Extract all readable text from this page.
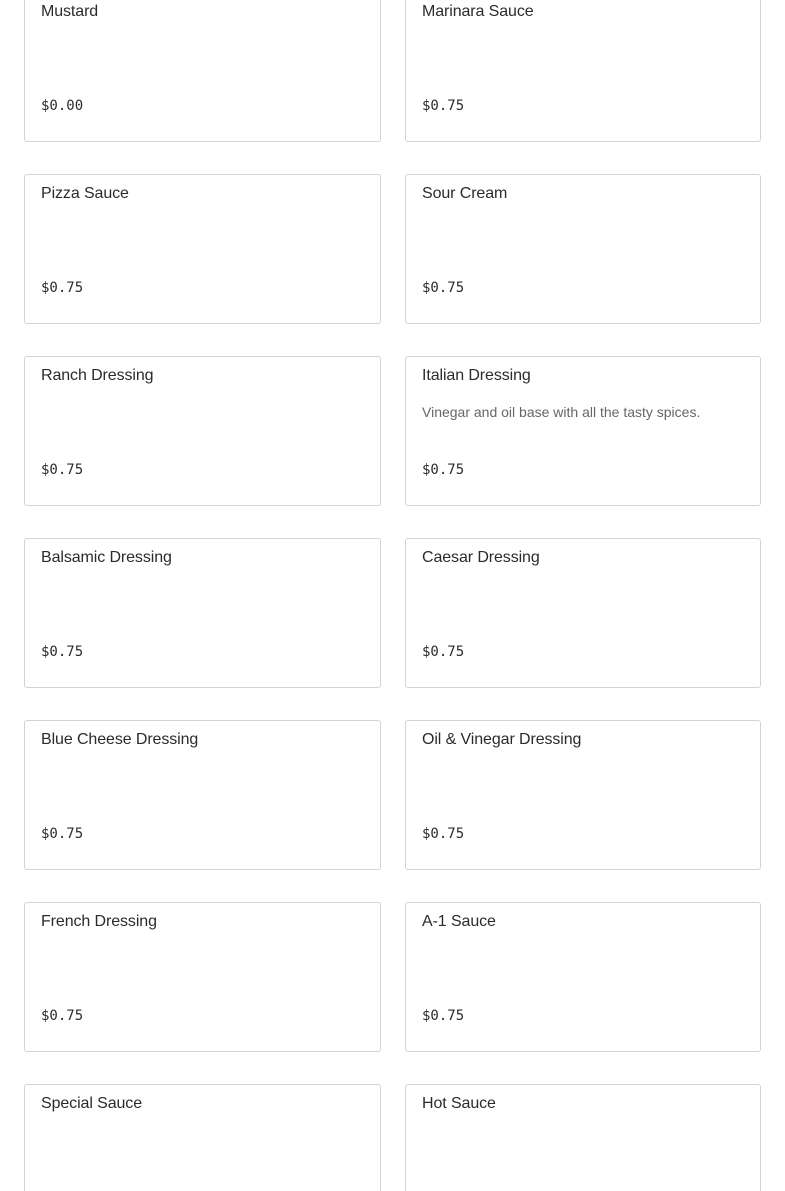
Mustard
$0.00
Marinara Sauce
$0.75
Pizza Sauce
$0.75
Sour Cream
$0.75
Ranch Dressing
$0.75
Italian Dressing
Vinegar and oil base with all the tasty spices.
$0.75
Balsamic Dressing
$0.75
Caesar Dressing
$0.75
Blue Cheese Dressing
$0.75
Oil & Vinegar Dressing
$0.75
French Dressing
$0.75
A-1 Sauce
$0.75
Special Sauce	Hot Sauce
